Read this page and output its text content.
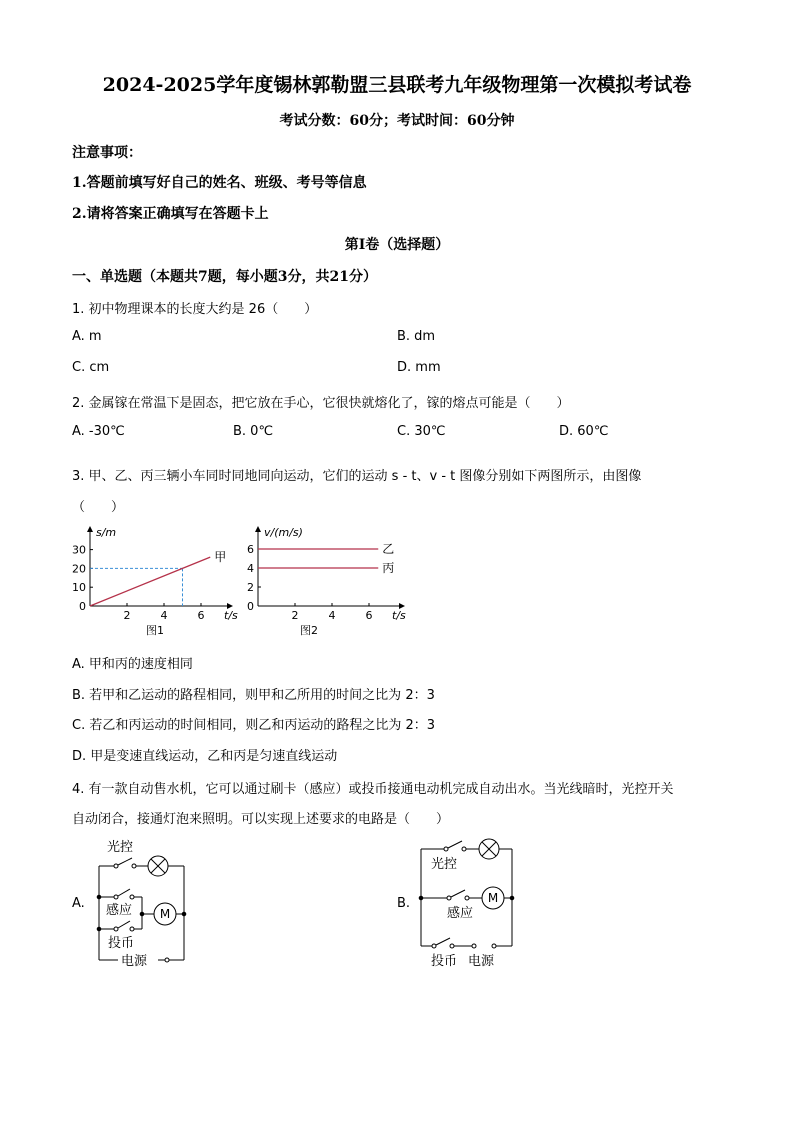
2024-2025学年度锡林郭勒盟三县联考九年级物理第一次模拟考试卷
考试分数：60分；考试时间：60分钟
注意事项：
1.答题前填写好自己的姓名、班级、考号等信息
2.请将答案正确填写在答题卡上
第I卷（选择题）
一、单选题（本题共7题，每小题3分，共21分）
1. 初中物理课本的长度大约是 26（　　）
A. m	B. dm
C. cm	D. mm
2. 金属镓在常温下是固态，把它放在手心，它很快就熔化了，镓的熔点可能是（　　）
A. -30℃	B. 0℃	C. 30℃	D. 60℃
3. 甲、乙、丙三辆小车同时同地同向运动，它们的运动 s - t、v - t 图像分别如下两图所示，由图像
（　　）
30
20
10
0
2	4	6
甲
s/m
t/s
图1
6
4
2
0
2	4	6
乙
丙
v/(m/s)
t/s
图2
A. 甲和丙的速度相同
B. 若甲和乙运动的路程相同，则甲和乙所用的时间之比为 2：3
C. 若乙和丙运动的时间相同，则乙和丙运动的路程之比为 2：3
D. 甲是变速直线运动，乙和丙是匀速直线运动
4. 有一款自动售水机，它可以通过刷卡（感应）或投币接通电动机完成自动出水。当光线暗时，光控开关
自动闭合，接通灯泡来照明。可以实现上述要求的电路是（　　）
A.
光控
感应
投币
电源
M
B.
光控
感应
投币 电源
M
